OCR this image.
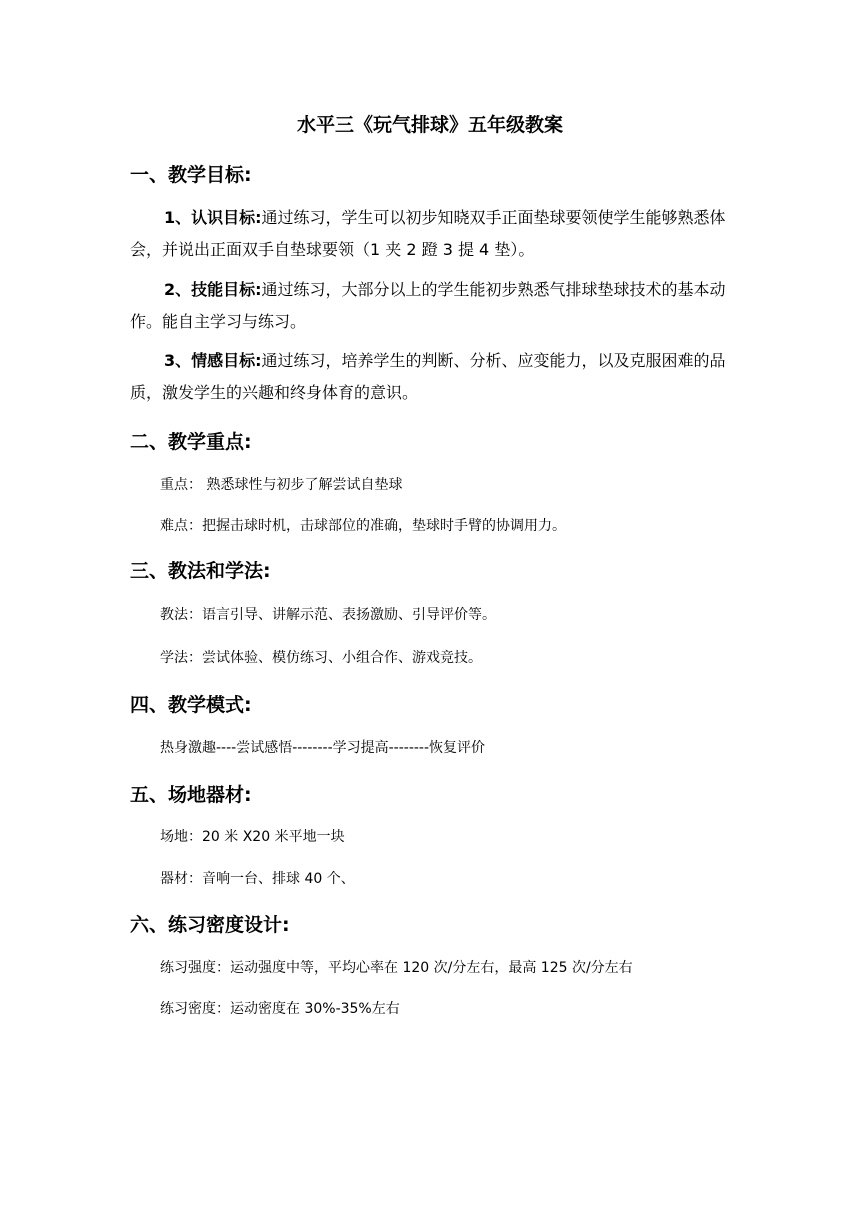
水平三《玩气排球》五年级教案
一、教学目标:
1、认识目标:通过练习，学生可以初步知晓双手正面垫球要领使学生能够熟悉体会，并说出正面双手自垫球要领（1 夹 2 蹬 3 提 4 垫）。
2、技能目标:通过练习，大部分以上的学生能初步熟悉气排球垫球技术的基本动作。能自主学习与练习。
3、情感目标:通过练习，培养学生的判断、分析、应变能力，以及克服困难的品质，激发学生的兴趣和终身体育的意识。
二、教学重点:
重点： 熟悉球性与初步了解尝试自垫球
难点：把握击球时机，击球部位的准确，垫球时手臂的协调用力。
三、教法和学法:
教法：语言引导、讲解示范、表扬激励、引导评价等。
学法：尝试体验、模仿练习、小组合作、游戏竞技。
四、教学模式:
热身激趣----尝试感悟--------学习提高--------恢复评价
五、场地器材:
场地：20 米 X20 米平地一块
器材：音响一台、排球 40 个、
六、练习密度设计:
练习强度：运动强度中等，平均心率在 120 次/分左右，最高 125 次/分左右
练习密度：运动密度在 30%-35%左右
